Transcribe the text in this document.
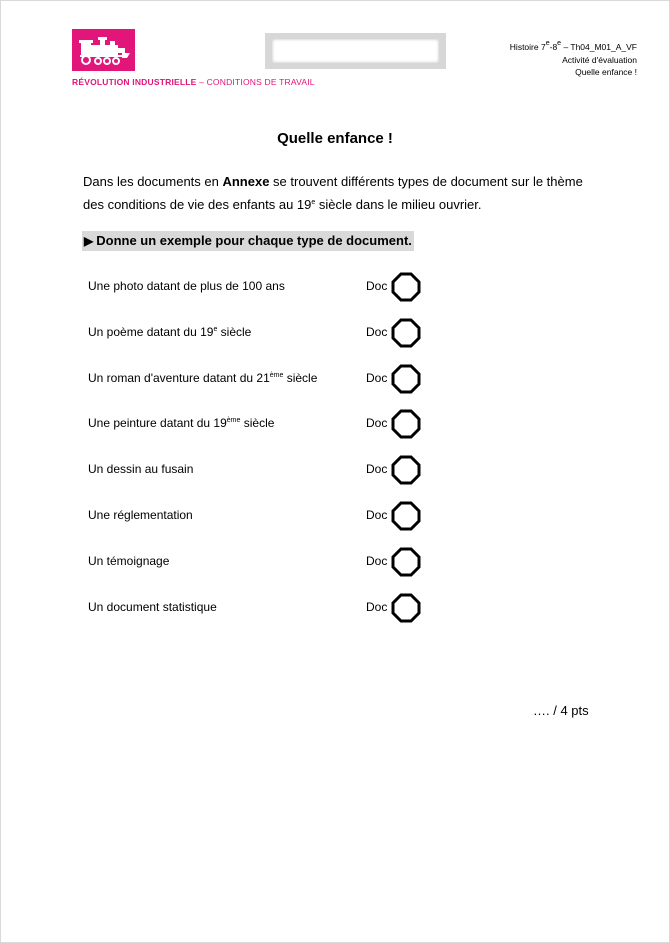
RÉVOLUTION INDUSTRIELLE – CONDITIONS DE TRAVAIL
Histoire 7e-8e – Th04_M01_A_VF
Activité d'évaluation
Quelle enfance !
Quelle enfance !
Dans les documents en Annexe se trouvent différents types de document sur le thème des conditions de vie des enfants au 19e siècle dans le milieu ouvrier.
▶ Donne un exemple pour chaque type de document.
Une photo datant de plus de 100 ans	Doc
Un poème datant du 19e siècle	Doc
Un roman d'aventure datant du 21ème siècle	Doc
Une peinture datant du 19ème siècle	Doc
Un dessin au fusain	Doc
Une réglementation	Doc
Un témoignage	Doc
Un document statistique	Doc
…. / 4 pts
